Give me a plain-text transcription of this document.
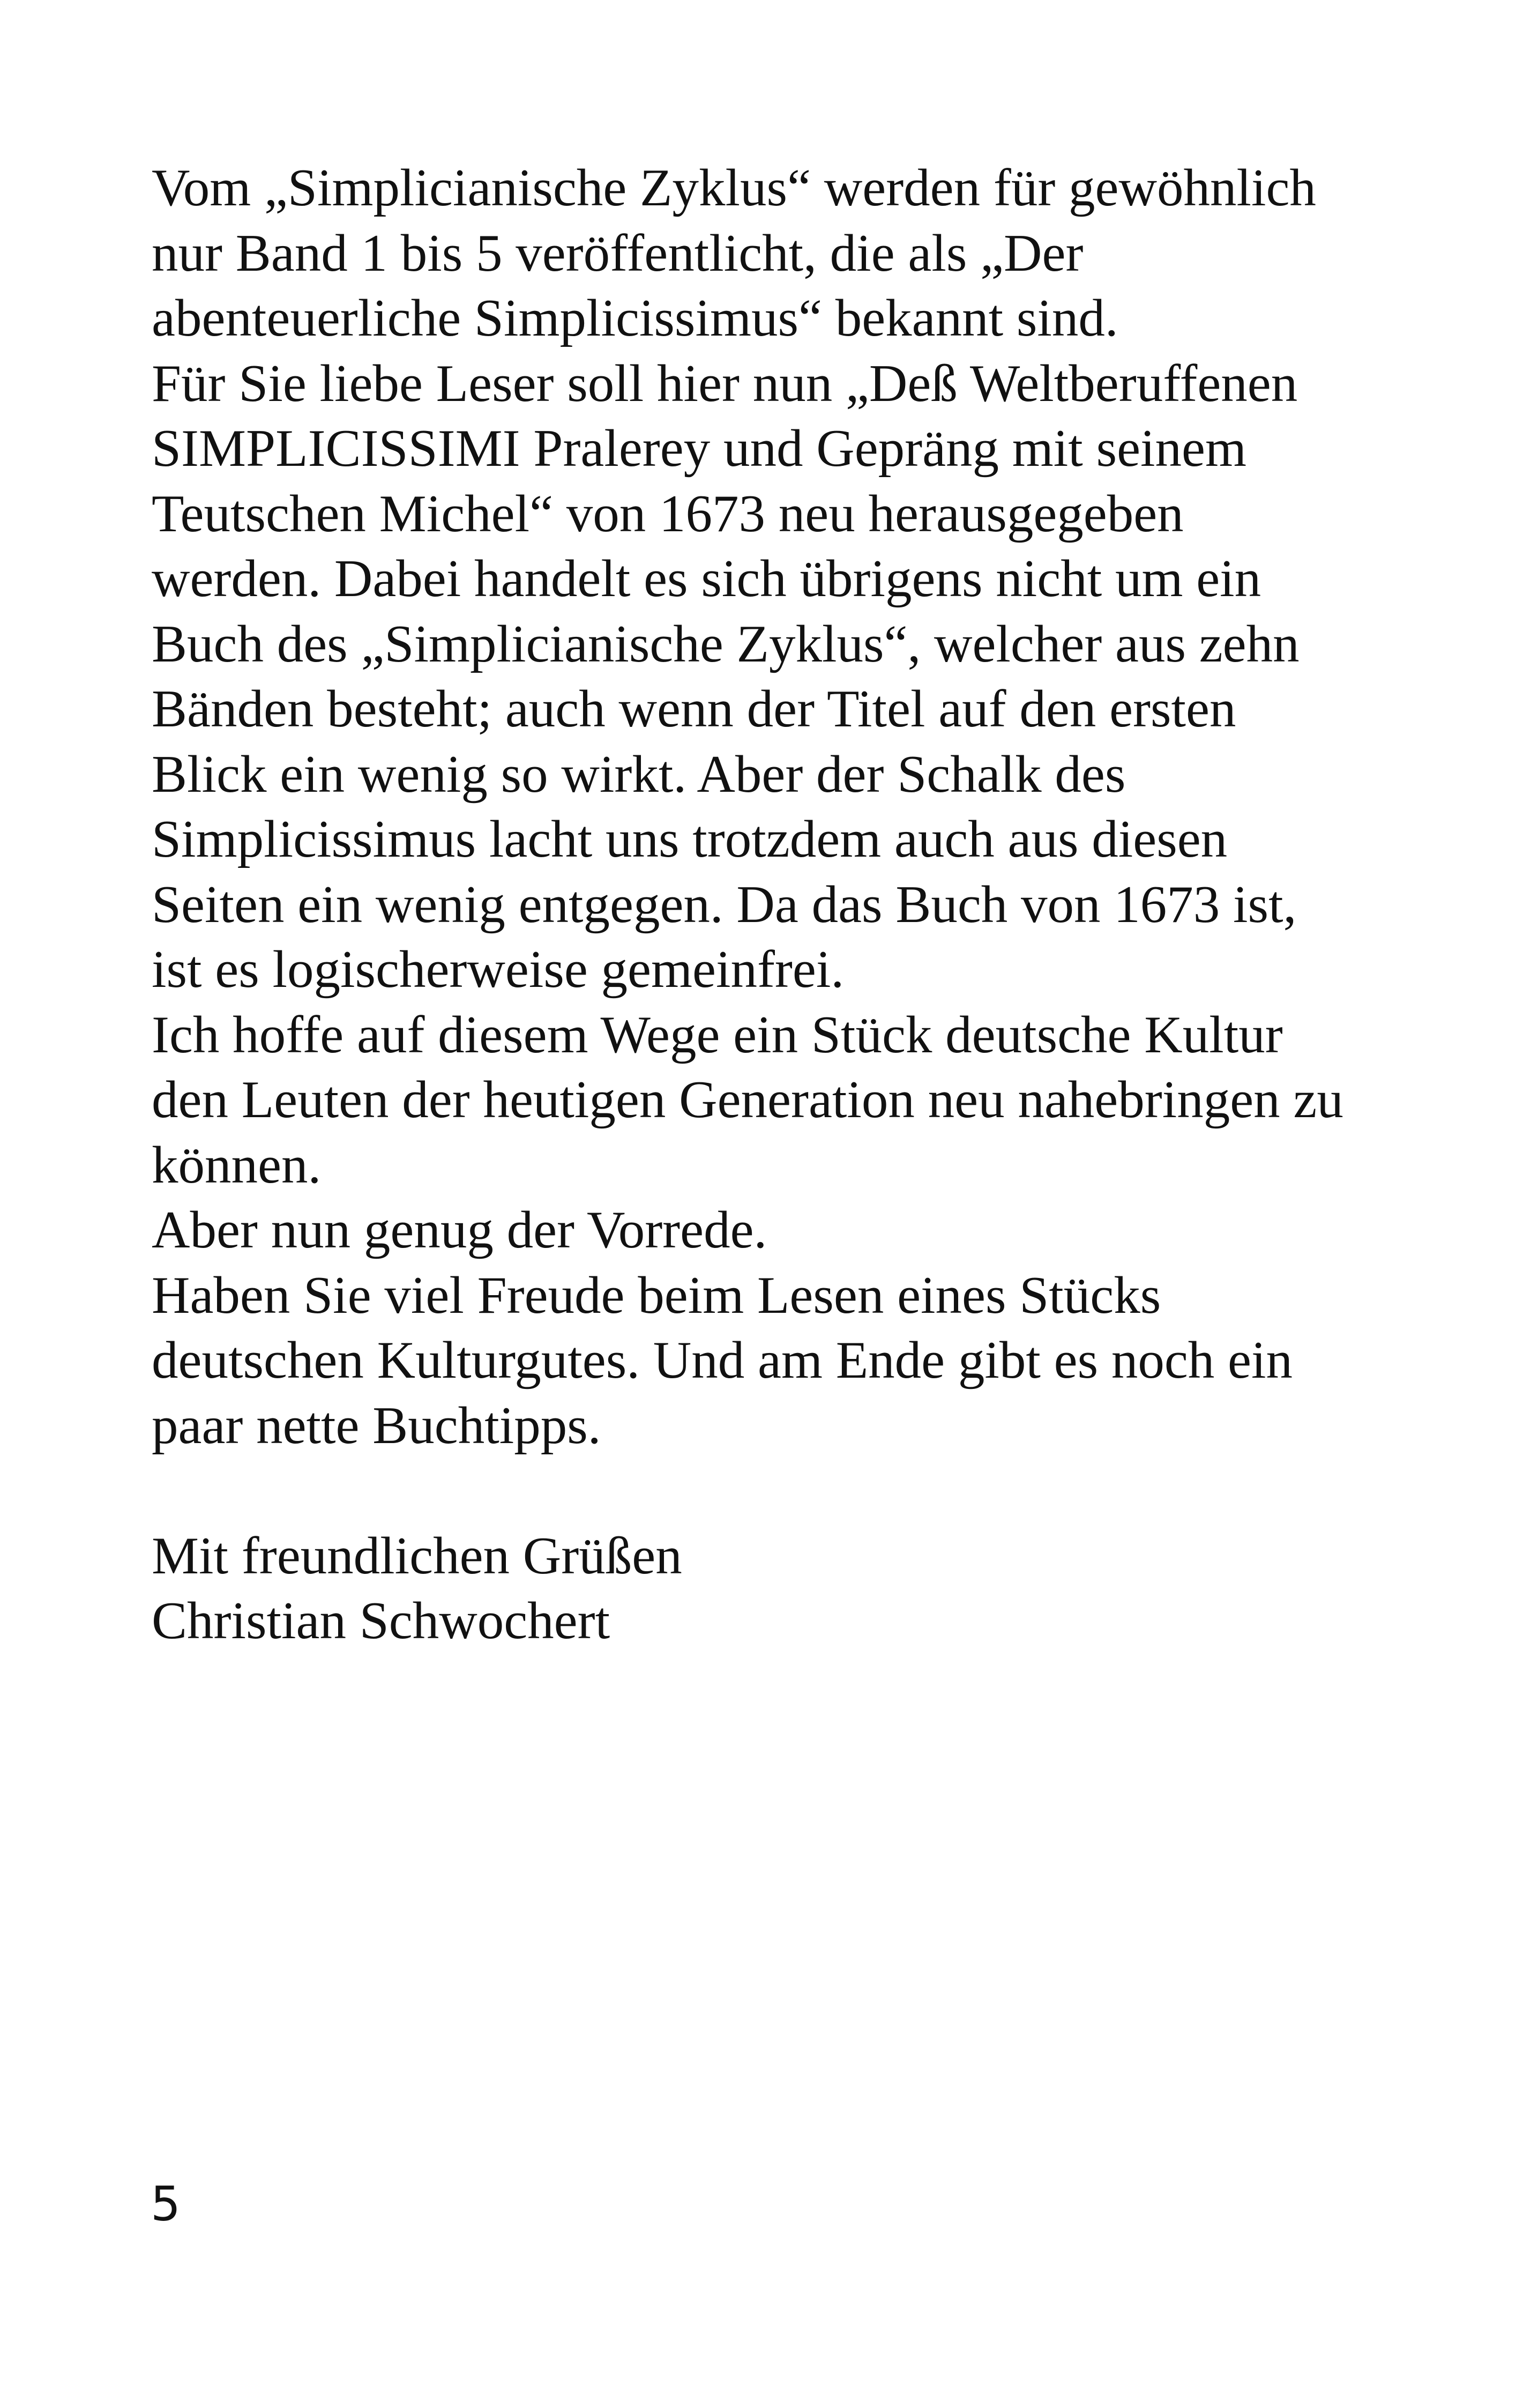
Vom „Simplicianische Zyklus“ werden für gewöhnlich
nur Band 1 bis 5 veröffentlicht, die als „Der
abenteuerliche Simplicissimus“ bekannt sind.
Für Sie liebe Leser soll hier nun „Deß Weltberuffenen
SIMPLICISSIMI Pralerey und Gepräng mit seinem
Teutschen Michel“ von 1673 neu herausgegeben
werden. Dabei handelt es sich übrigens nicht um ein
Buch des „Simplicianische Zyklus“, welcher aus zehn
Bänden besteht; auch wenn der Titel auf den ersten
Blick ein wenig so wirkt. Aber der Schalk des
Simplicissimus lacht uns trotzdem auch aus diesen
Seiten ein wenig entgegen. Da das Buch von 1673 ist,
ist es logischerweise gemeinfrei.
Ich hoffe auf diesem Wege ein Stück deutsche Kultur
den Leuten der heutigen Generation neu nahebringen zu
können.
Aber nun genug der Vorrede.
Haben Sie viel Freude beim Lesen eines Stücks
deutschen Kulturgutes. Und am Ende gibt es noch ein
paar nette Buchtipps.
Mit freundlichen Grüßen
Christian Schwochert
5
